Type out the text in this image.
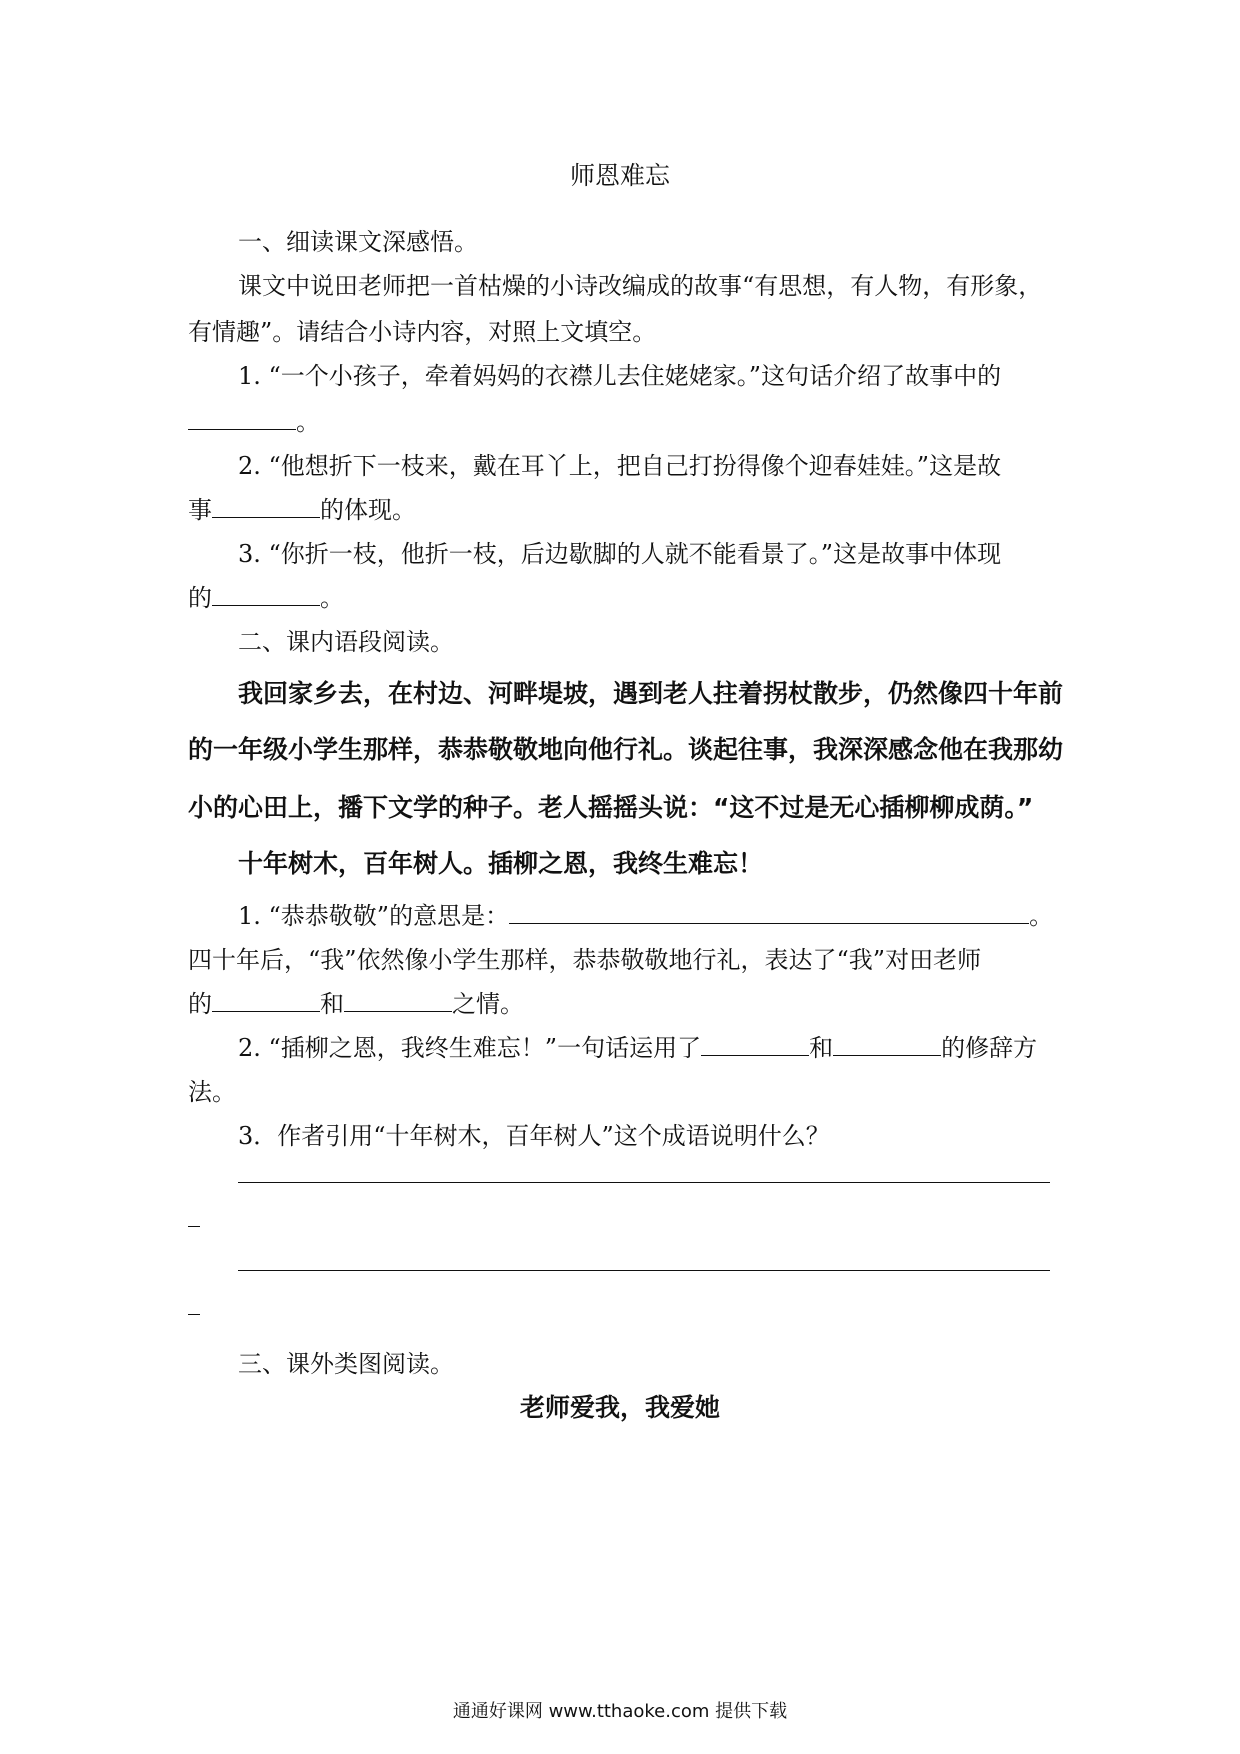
师恩难忘
一、细读课文深感悟。
课文中说田老师把一首枯燥的小诗改编成的故事“有思想，有人物，有形象，
有情趣”。请结合小诗内容，对照上文填空。
1. “一个小孩子，牵着妈妈的衣襟儿去住姥姥家。”这句话介绍了故事中的
。
2. “他想折下一枝来，戴在耳丫上，把自己打扮得像个迎春娃娃。”这是故
事	的体现。
3. “你折一枝，他折一枝，后边歇脚的人就不能看景了。”这是故事中体现
的	。
二、课内语段阅读。
我回家乡去，在村边、河畔堤坡，遇到老人拄着拐杖散步，仍然像四十年前
的一年级小学生那样，恭恭敬敬地向他行礼。谈起往事，我深深感念他在我那幼
小的心田上，播下文学的种子。老人摇摇头说：“这不过是无心插柳柳成荫。”
十年树木，百年树人。插柳之恩，我终生难忘！
1. “恭恭敬敬”的意思是：	。
四十年后，“我”依然像小学生那样，恭恭敬敬地行礼，表达了“我”对田老师
的	和	之情。
2. “插柳之恩，我终生难忘！”一句话运用了	和	的修辞方
法。
3．作者引用“十年树木，百年树人”这个成语说明什么？
三、课外类图阅读。
老师爱我，我爱她
通通好课网 www.tthaoke.com 提供下载
